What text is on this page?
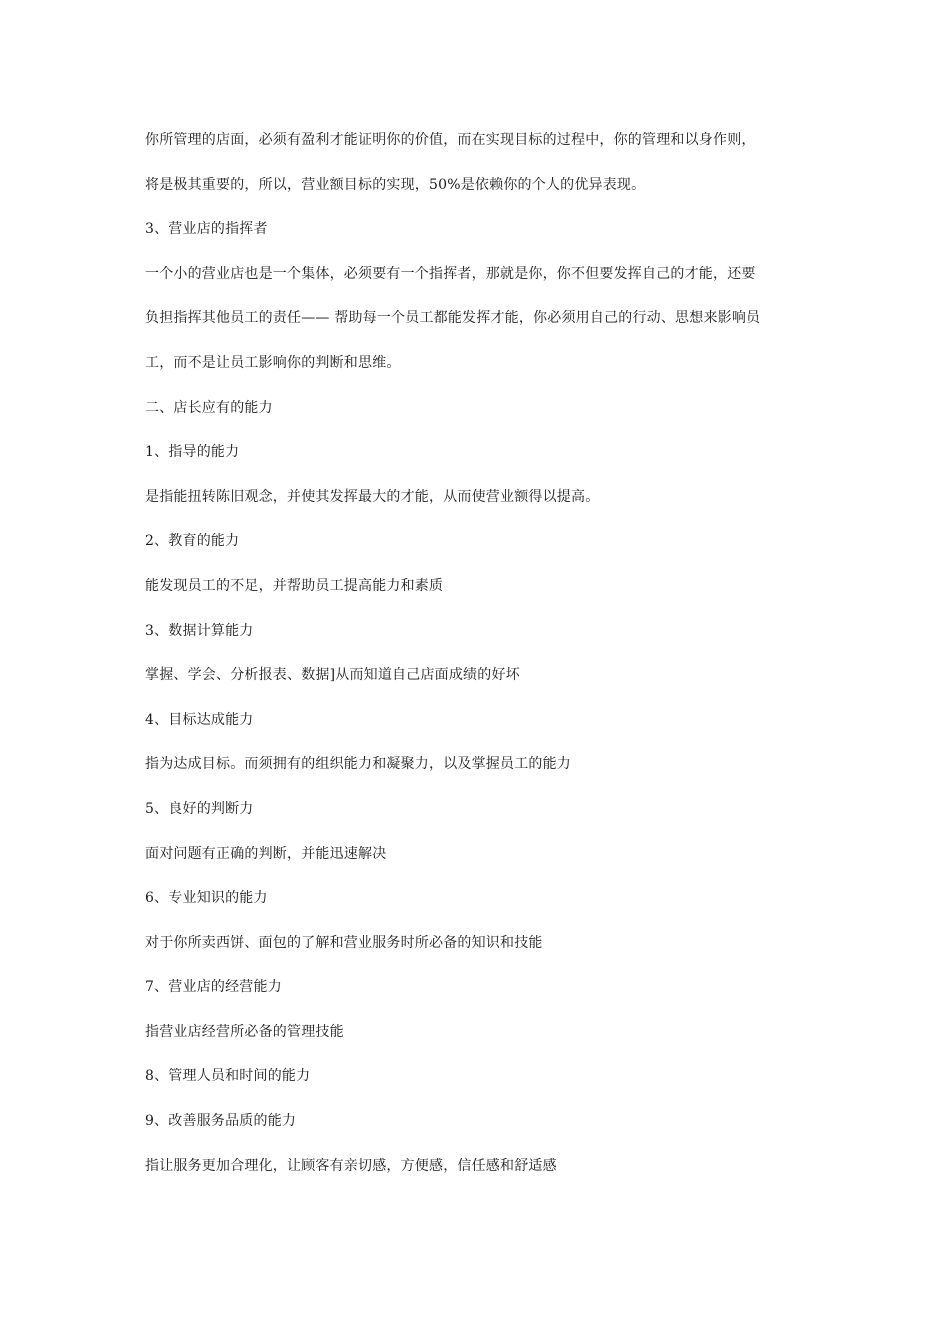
你所管理的店面，必须有盈利才能证明你的价值，而在实现目标的过程中，你的管理和以身作则，
将是极其重要的，所以，营业额目标的实现，50%是依赖你的个人的优异表现。
3、营业店的指挥者
一个小的营业店也是一个集体，必须要有一个指挥者，那就是你，你不但要发挥自己的才能，还要
负担指挥其他员工的责任—— 帮助每一个员工都能发挥才能，你必须用自己的行动、思想来影响员
工，而不是让员工影响你的判断和思维。
二、店长应有的能力
1、指导的能力
是指能扭转陈旧观念，并使其发挥最大的才能，从而使营业额得以提高。
2、教育的能力
能发现员工的不足，并帮助员工提高能力和素质
3、数据计算能力
掌握、学会、分析报表、数据]从而知道自己店面成绩的好坏
4、目标达成能力
指为达成目标。而须拥有的组织能力和凝聚力，以及掌握员工的能力
5、良好的判断力
面对问题有正确的判断，并能迅速解决
6、专业知识的能力
对于你所卖西饼、面包的了解和营业服务时所必备的知识和技能
7、营业店的经营能力
指营业店经营所必备的管理技能
8、管理人员和时间的能力
9、改善服务品质的能力
指让服务更加合理化，让顾客有亲切感，方便感，信任感和舒适感
